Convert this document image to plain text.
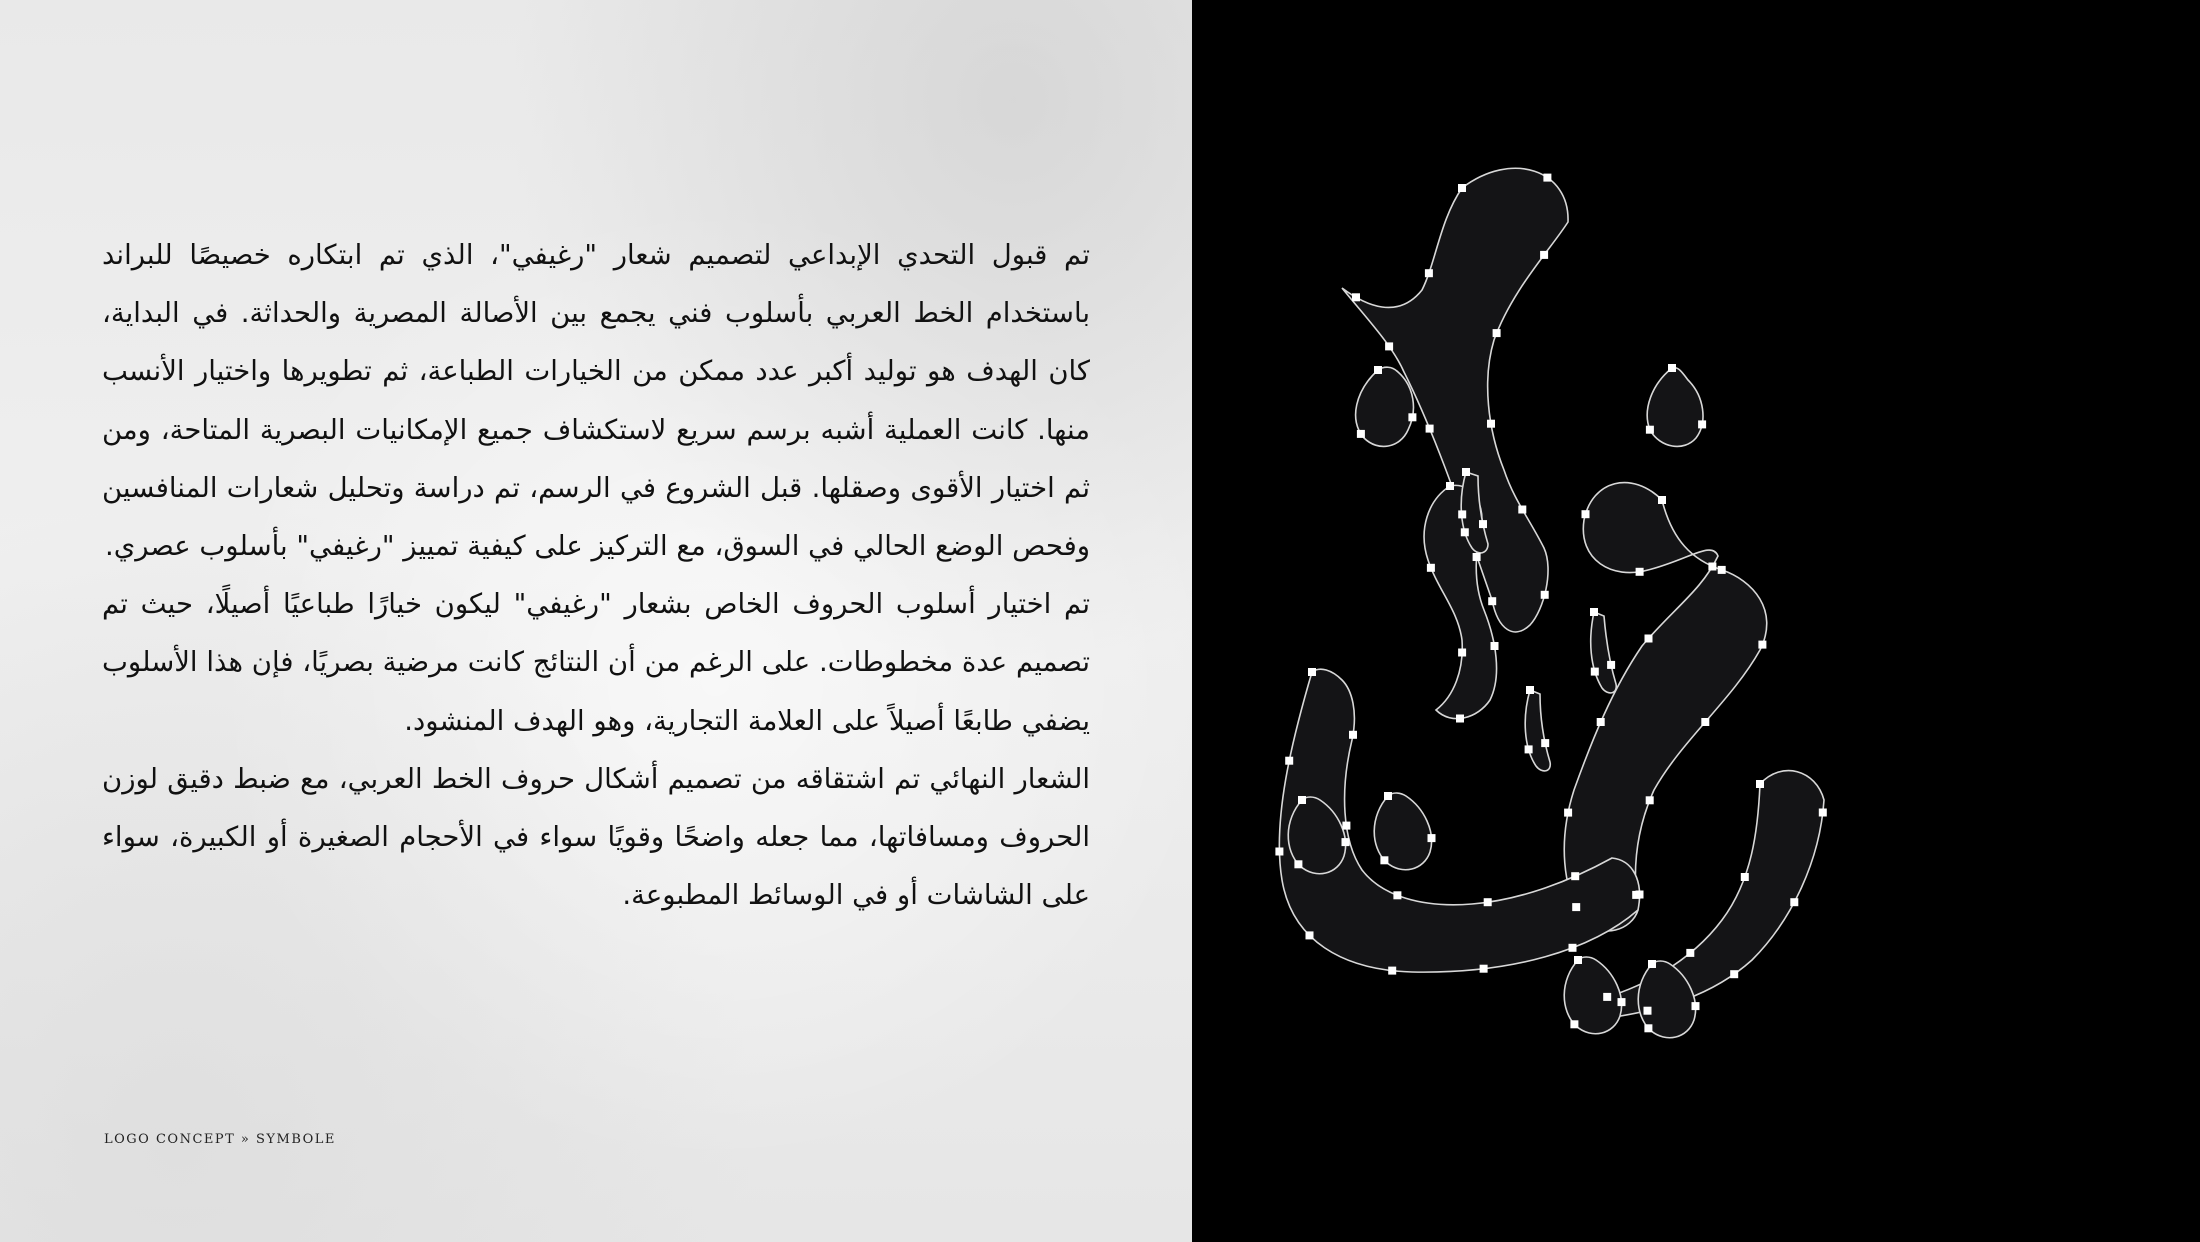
تم قبول التحدي الإبداعي لتصميم شعار "رغيفي"، الذي تم ابتكاره خصيصًا للبراند باستخدام الخط العربي بأسلوب فني يجمع بين الأصالة المصرية والحداثة. في البداية، كان الهدف هو توليد أكبر عدد ممكن من الخيارات الطباعة، ثم تطويرها واختيار الأنسب منها. كانت العملية أشبه برسم سريع لاستكشاف جميع الإمكانيات البصرية المتاحة، ومن ثم اختيار الأقوى وصقلها. قبل الشروع في الرسم، تم دراسة وتحليل شعارات المنافسين وفحص الوضع الحالي في السوق، مع التركيز على كيفية تمييز "رغيفي" بأسلوب عصري.

تم اختيار أسلوب الحروف الخاص بشعار "رغيفي" ليكون خيارًا طباعيًا أصيلًا، حيث تم تصميم عدة مخطوطات. على الرغم من أن النتائج كانت مرضية بصريًا، فإن هذا الأسلوب يضفي طابعًا أصيلاً على العلامة التجارية، وهو الهدف المنشود.

الشعار النهائي تم اشتقاقه من تصميم أشكال حروف الخط العربي، مع ضبط دقيق لوزن الحروف ومسافاتها، مما جعله واضحًا وقويًا سواء في الأحجام الصغيرة أو الكبيرة، سواء على الشاشات أو في الوسائط المطبوعة.

LOGO CONCEPT » SYMBOLE
